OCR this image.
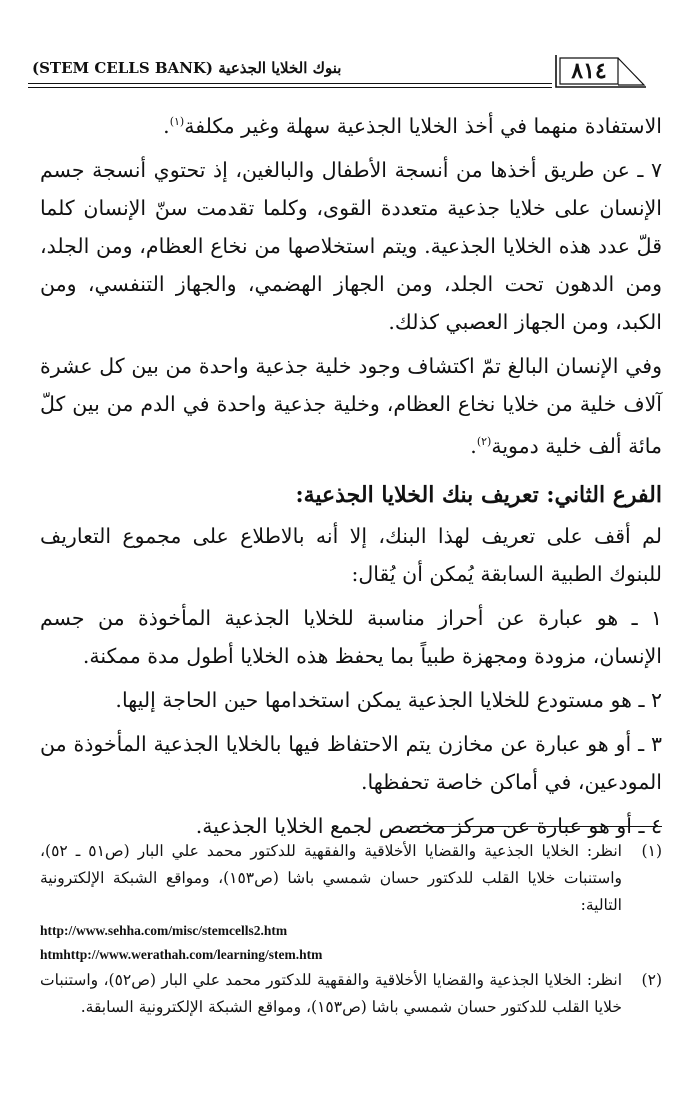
(STEM CELLS BANK) بنوك الخلايا الجذعية	٨١٤

الاستفادة منهما في أخذ الخلايا الجذعية سهلة وغير مكلفة$^{(١)}$.

٧ ـ عن طريق أخذها من أنسجة الأطفال والبالغين، إذ تحتوي أنسجة جسم الإنسان على خلايا جذعية متعددة القوى، وكلما تقدمت سنّ الإنسان كلما قلّ عدد هذه الخلايا الجذعية. ويتم استخلاصها من نخاع العظام، ومن الجلد، ومن الدهون تحت الجلد، ومن الجهاز الهضمي، والجهاز التنفسي، ومن الكبد، ومن الجهاز العصبي كذلك.

وفي الإنسان البالغ تمّ اكتشاف وجود خلية جذعية واحدة من بين كل عشرة آلاف خلية من خلايا نخاع العظام، وخلية جذعية واحدة في الدم من بين كلّ مائة ألف خلية دموية$^{(٢)}$.

الفرع الثاني: تعريف بنك الخلايا الجذعية:

لم أقف على تعريف لهذا البنك، إلا أنه بالاطلاع على مجموع التعاريف للبنوك الطبية السابقة يُمكن أن يُقال:

١ ـ هو عبارة عن أحراز مناسبة للخلايا الجذعية المأخوذة من جسم الإنسان، مزودة ومجهزة طبياً بما يحفظ هذه الخلايا أطول مدة ممكنة.

٢ ـ هو مستودع للخلايا الجذعية يمكن استخدامها حين الحاجة إليها.

٣ ـ أو هو عبارة عن مخازن يتم الاحتفاظ فيها بالخلايا الجذعية المأخوذة من المودعين، في أماكن خاصة تحفظها.

٤ ـ أو هو عبارة عن مركز مخصص لجمع الخلايا الجذعية.

(١)
انظر: الخلايا الجذعية والقضايا الأخلاقية والفقهية للدكتور محمد علي البار (ص٥١ ـ ٥٢)، واستنبات خلايا القلب للدكتور حسان شمسي باشا (ص١٥٣)، ومواقع الشبكة الإلكترونية التالية:

http://www.sehha.com/misc/stemcells2.htm

htmhttp://www.werathah.com/learning/stem.htm

(٢)
انظر: الخلايا الجذعية والقضايا الأخلاقية والفقهية للدكتور محمد علي البار (ص٥٢)، واستنبات خلايا القلب للدكتور حسان شمسي باشا (ص١٥٣)، ومواقع الشبكة الإلكترونية السابقة.
